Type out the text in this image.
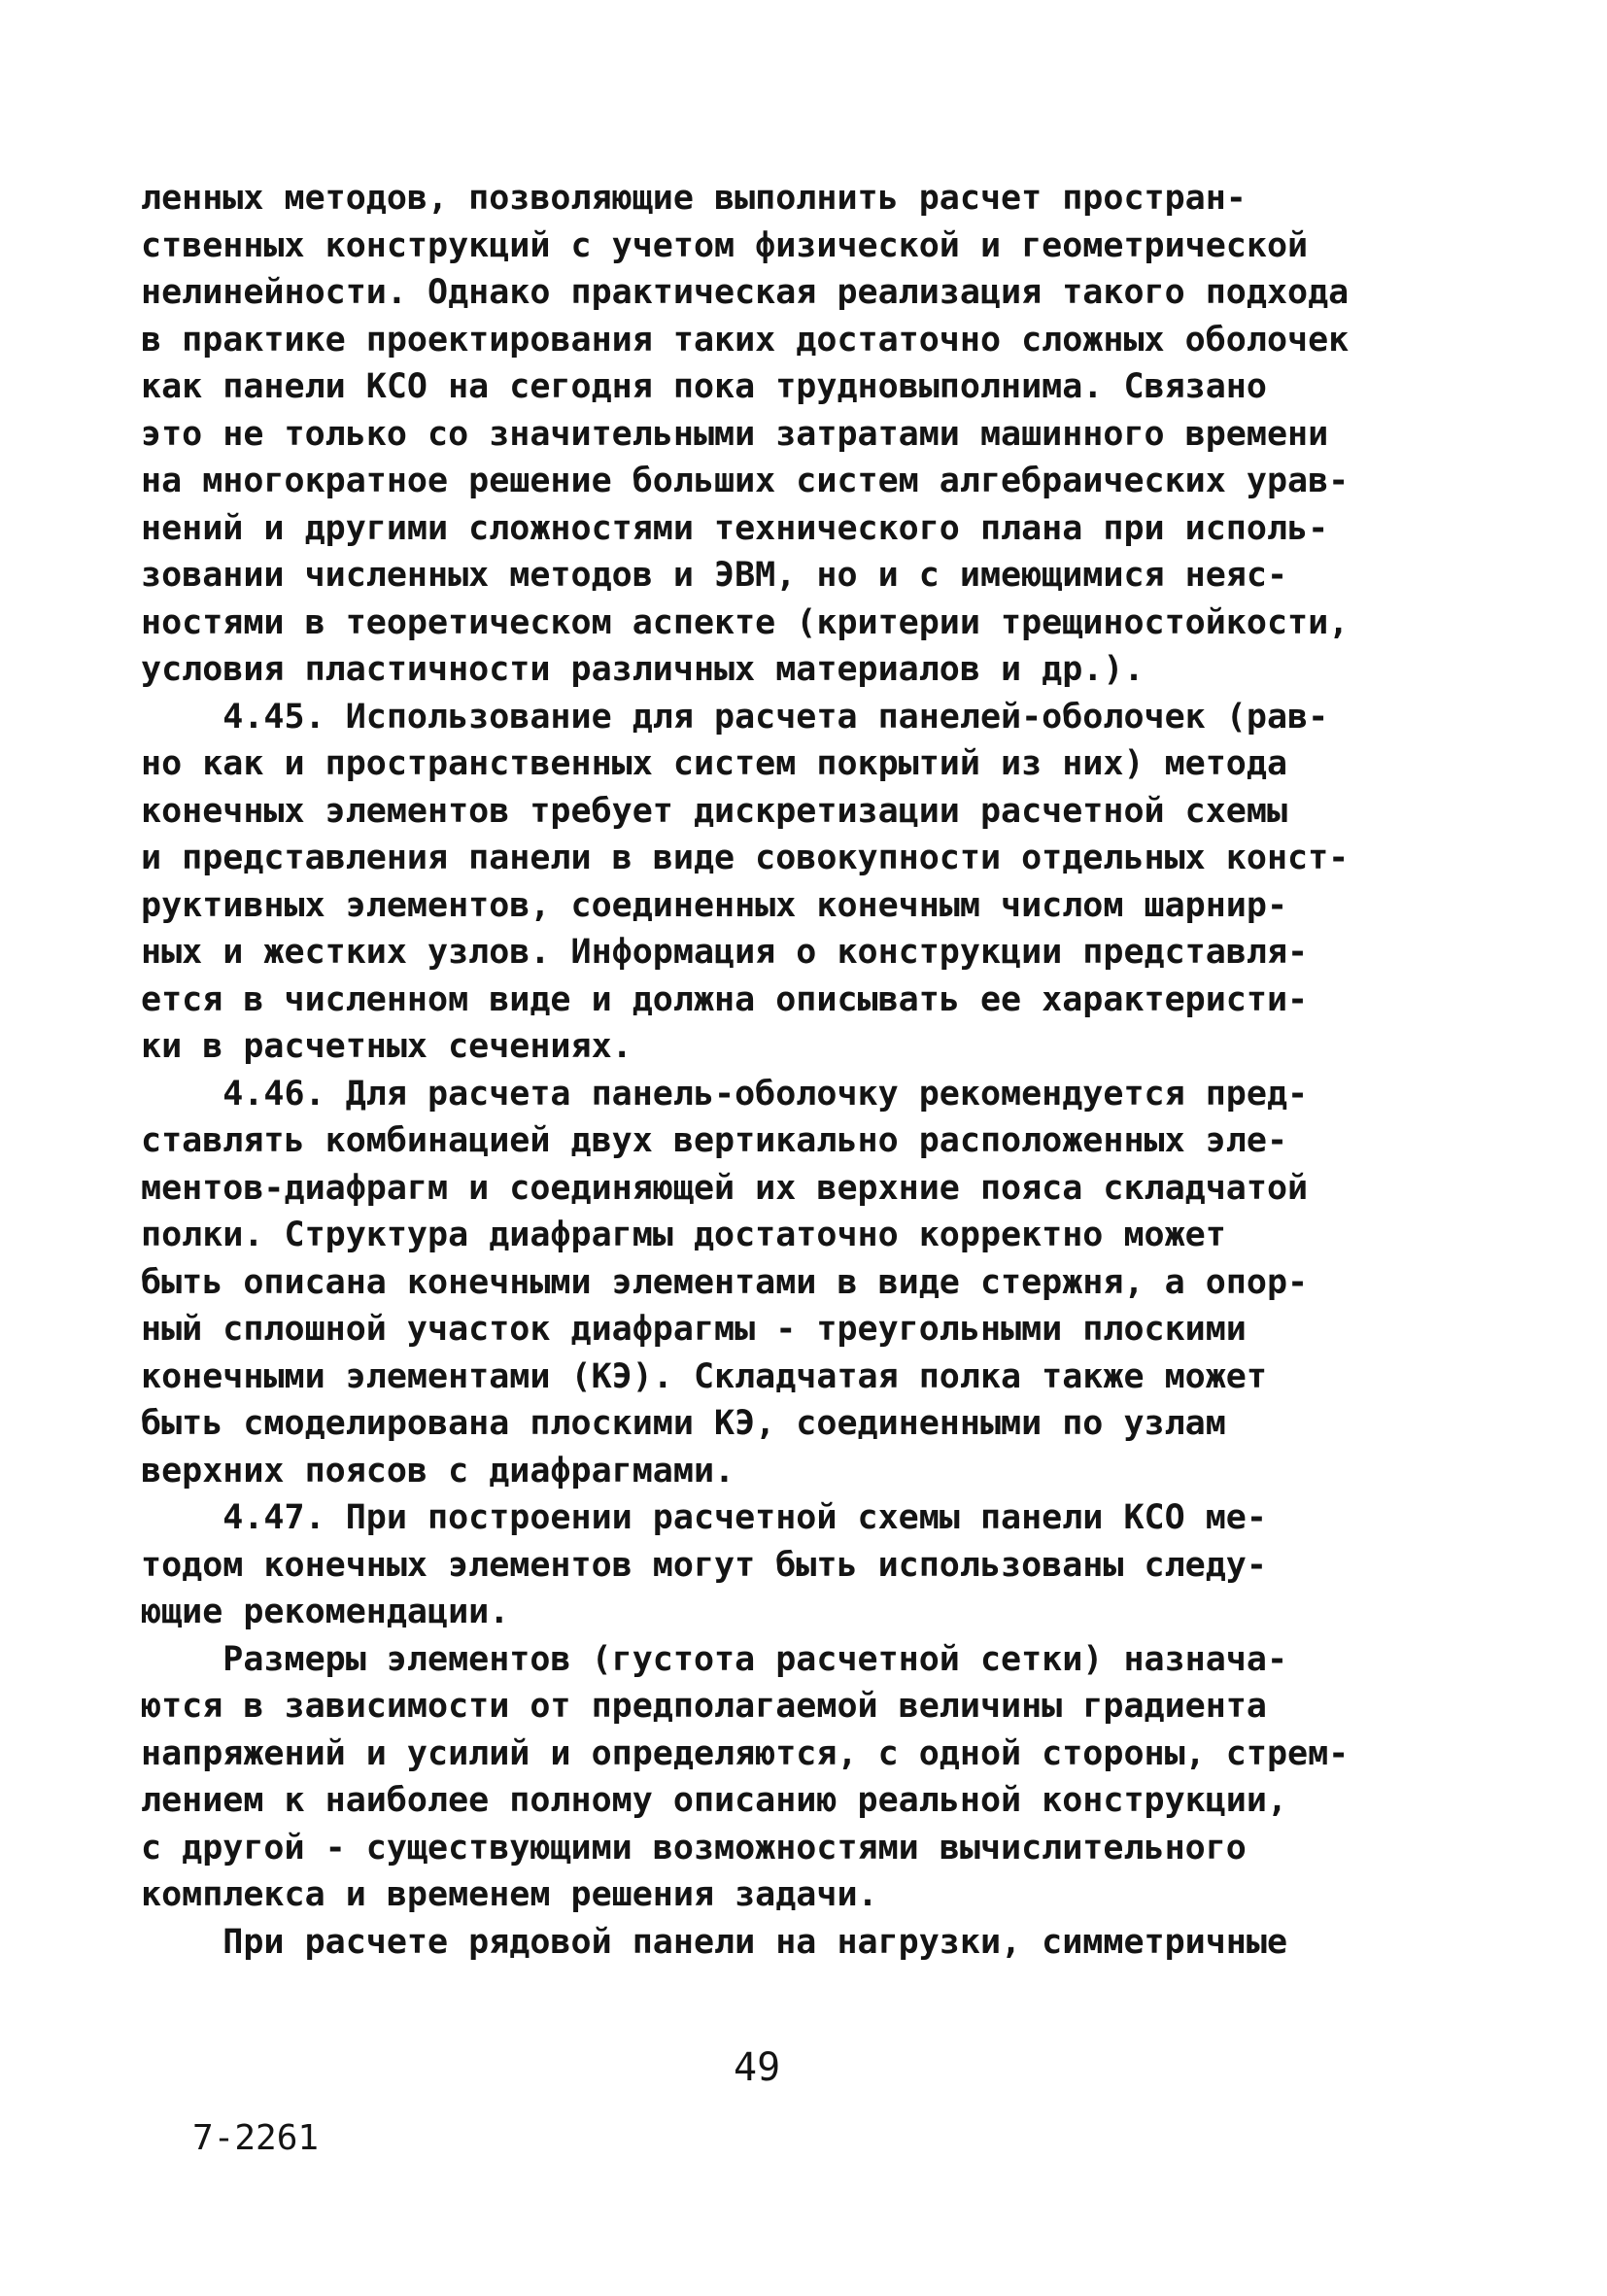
ленных методов, позволяющие выполнить расчет простран-
ственных конструкций с учетом физической и геометрической
нелинейности. Однако практическая реализация такого подхода
в практике проектирования таких достаточно сложных оболочек
как панели КСО на сегодня пока трудновыполнима. Связано
это не только со значительными затратами машинного времени
на многократное решение больших систем алгебраических урав-
нений и другими сложностями технического плана при исполь-
зовании численных методов и ЭВМ, но и с имеющимися неяс-
ностями в теоретическом аспекте (критерии трещиностойкости,
условия пластичности различных материалов и др.).
4.45. Использование для расчета панелей-оболочек (рав-
но как и пространственных систем покрытий из них) метода
конечных элементов требует дискретизации расчетной схемы
и представления панели в виде совокупности отдельных конст-
руктивных элементов, соединенных конечным числом шарнир-
ных и жестких узлов. Информация о конструкции представля-
ется в численном виде и должна описывать ее характеристи-
ки в расчетных сечениях.
4.46. Для расчета панель-оболочку рекомендуется пред-
ставлять комбинацией двух вертикально расположенных эле-
ментов-диафрагм и соединяющей их верхние пояса складчатой
полки. Структура диафрагмы достаточно корректно может
быть описана конечными элементами в виде стержня, а опор-
ный сплошной участок диафрагмы - треугольными плоскими
конечными элементами (КЭ). Складчатая полка также может
быть смоделирована плоскими КЭ, соединенными по узлам
верхних поясов с диафрагмами.
4.47. При построении расчетной схемы панели КСО ме-
тодом конечных элементов могут быть использованы следу-
ющие рекомендации.
Размеры элементов (густота расчетной сетки) назнача-
ются в зависимости от предполагаемой величины градиента
напряжений и усилий и определяются, с одной стороны, стрем-
лением к наиболее полному описанию реальной конструкции,
с другой - существующими возможностями вычислительного
комплекса и временем решения задачи.
При расчете рядовой панели на нагрузки, симметричные
49
7-2261
